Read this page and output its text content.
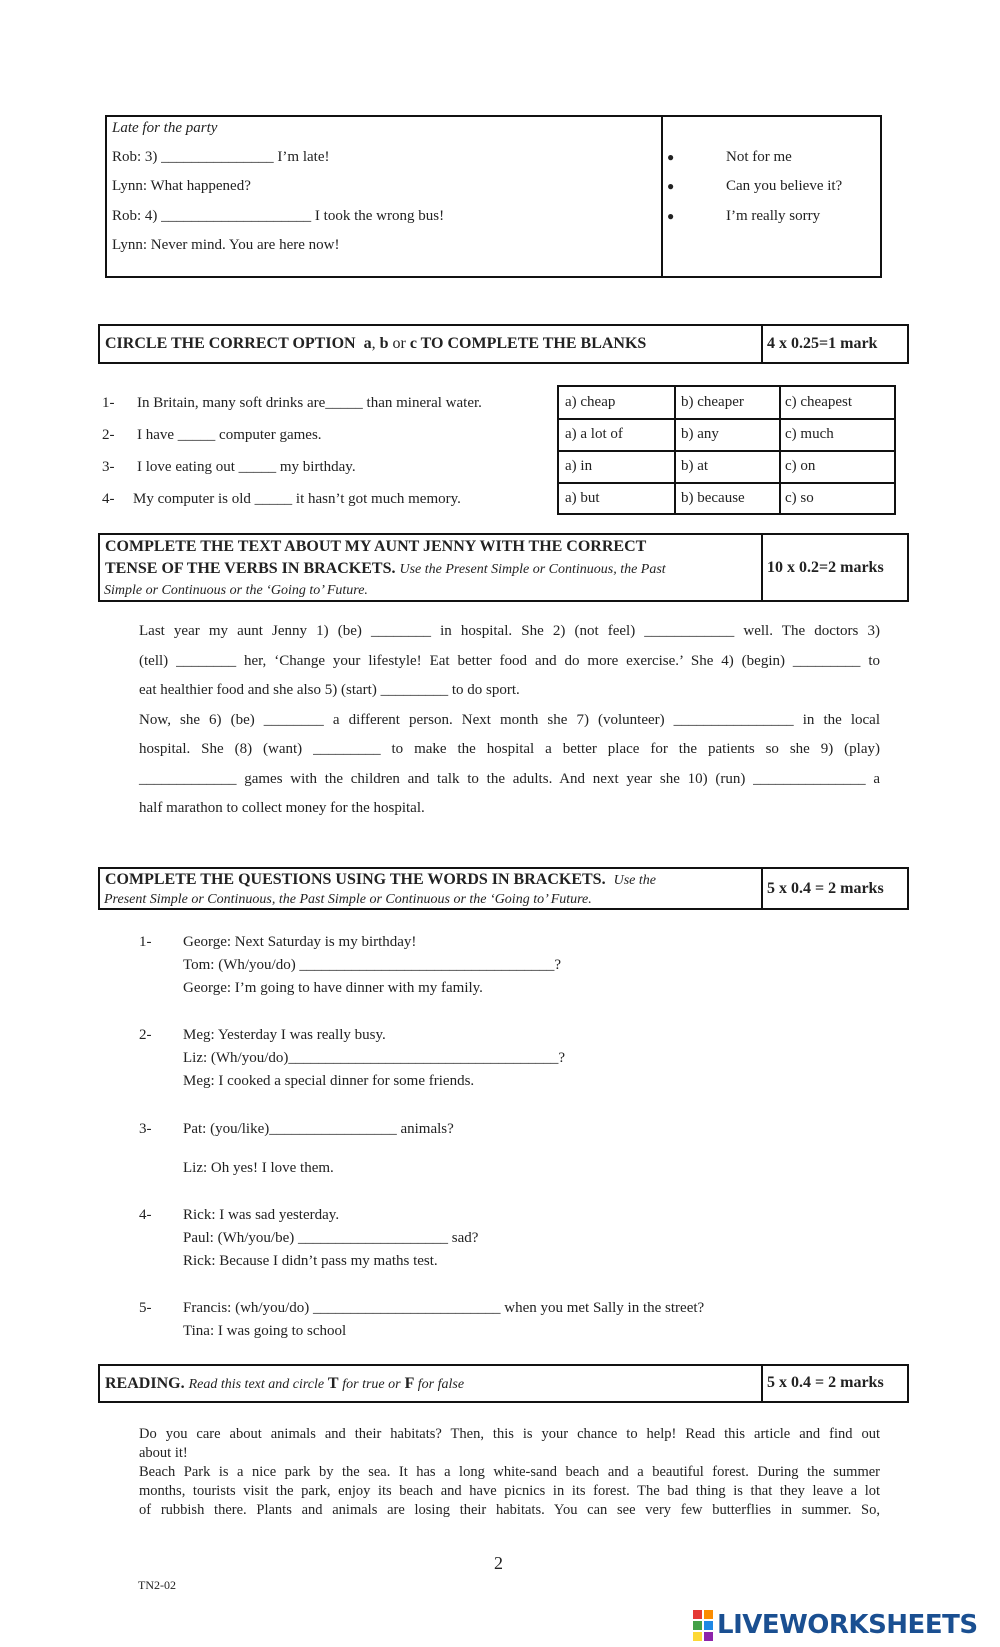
Late for the party
Rob: 3) _______________ I’m late!
Lynn: What happened?
Rob: 4) ____________________ I took the wrong bus!
Lynn: Never mind. You are here now!
●
●
●
Not for me
Can you believe it?
I’m really sorry
CIRCLE THE CORRECT OPTION a, b or c TO COMPLETE THE BLANKS	4 x 0.25=1 mark
1- In Britain, many soft drinks are_____ than mineral water.
2- I have _____ computer games.
3- I love eating out _____ my birthday.
4- My computer is old _____ it hasn’t got much memory.
a) cheap	b) cheaper	c) cheapest
a) a lot of	b) any	c) much
a) in	b) at	c) on
a) but	b) because	c) so
COMPLETE THE TEXT ABOUT MY AUNT JENNY WITH THE CORRECT
TENSE OF THE VERBS IN BRACKETS. Use the Present Simple or Continuous, the Past
Simple or Continuous or the ‘Going to’ Future.
10 x 0.2=2 marks
Last year my aunt Jenny 1) (be) ________ in hospital. She 2) (not feel) ____________ well. The doctors 3)
(tell) ________ her, ‘Change your lifestyle! Eat better food and do more exercise.’ She 4) (begin) _________ to
eat healthier food and she also 5) (start) _________ to do sport.
Now, she 6) (be) ________ a different person. Next month she 7) (volunteer) ________________ in the local
hospital. She (8) (want) _________ to make the hospital a better place for the patients so she 9) (play)
_____________ games with the children and talk to the adults. And next year she 10) (run) _______________ a
half marathon to collect money for the hospital.
COMPLETE THE QUESTIONS USING THE WORDS IN BRACKETS. Use the
Present Simple or Continuous, the Past Simple or Continuous or the ‘Going to’ Future.
5 x 0.4 = 2 marks
1- George: Next Saturday is my birthday!
Tom: (Wh/you/do) __________________________________?
George: I’m going to have dinner with my family.
2- Meg: Yesterday I was really busy.
Liz: (Wh/you/do)____________________________________?
Meg: I cooked a special dinner for some friends.
3- Pat: (you/like)_________________ animals?
Liz: Oh yes! I love them.
4- Rick: I was sad yesterday.
Paul: (Wh/you/be) ____________________ sad?
Rick: Because I didn’t pass my maths test.
5- Francis: (wh/you/do) _________________________ when you met Sally in the street?
Tina: I was going to school
READING. Read this text and circle T for true or F for false	5 x 0.4 = 2 marks
Do you care about animals and their habitats? Then, this is your chance to help! Read this article and find out
about it!
Beach Park is a nice park by the sea. It has a long white-sand beach and a beautiful forest. During the summer
months, tourists visit the park, enjoy its beach and have picnics in its forest. The bad thing is that they leave a lot
of rubbish there. Plants and animals are losing their habitats. You can see very few butterflies in summer. So,
2
TN2-02
LIVEWORKSHEETS
